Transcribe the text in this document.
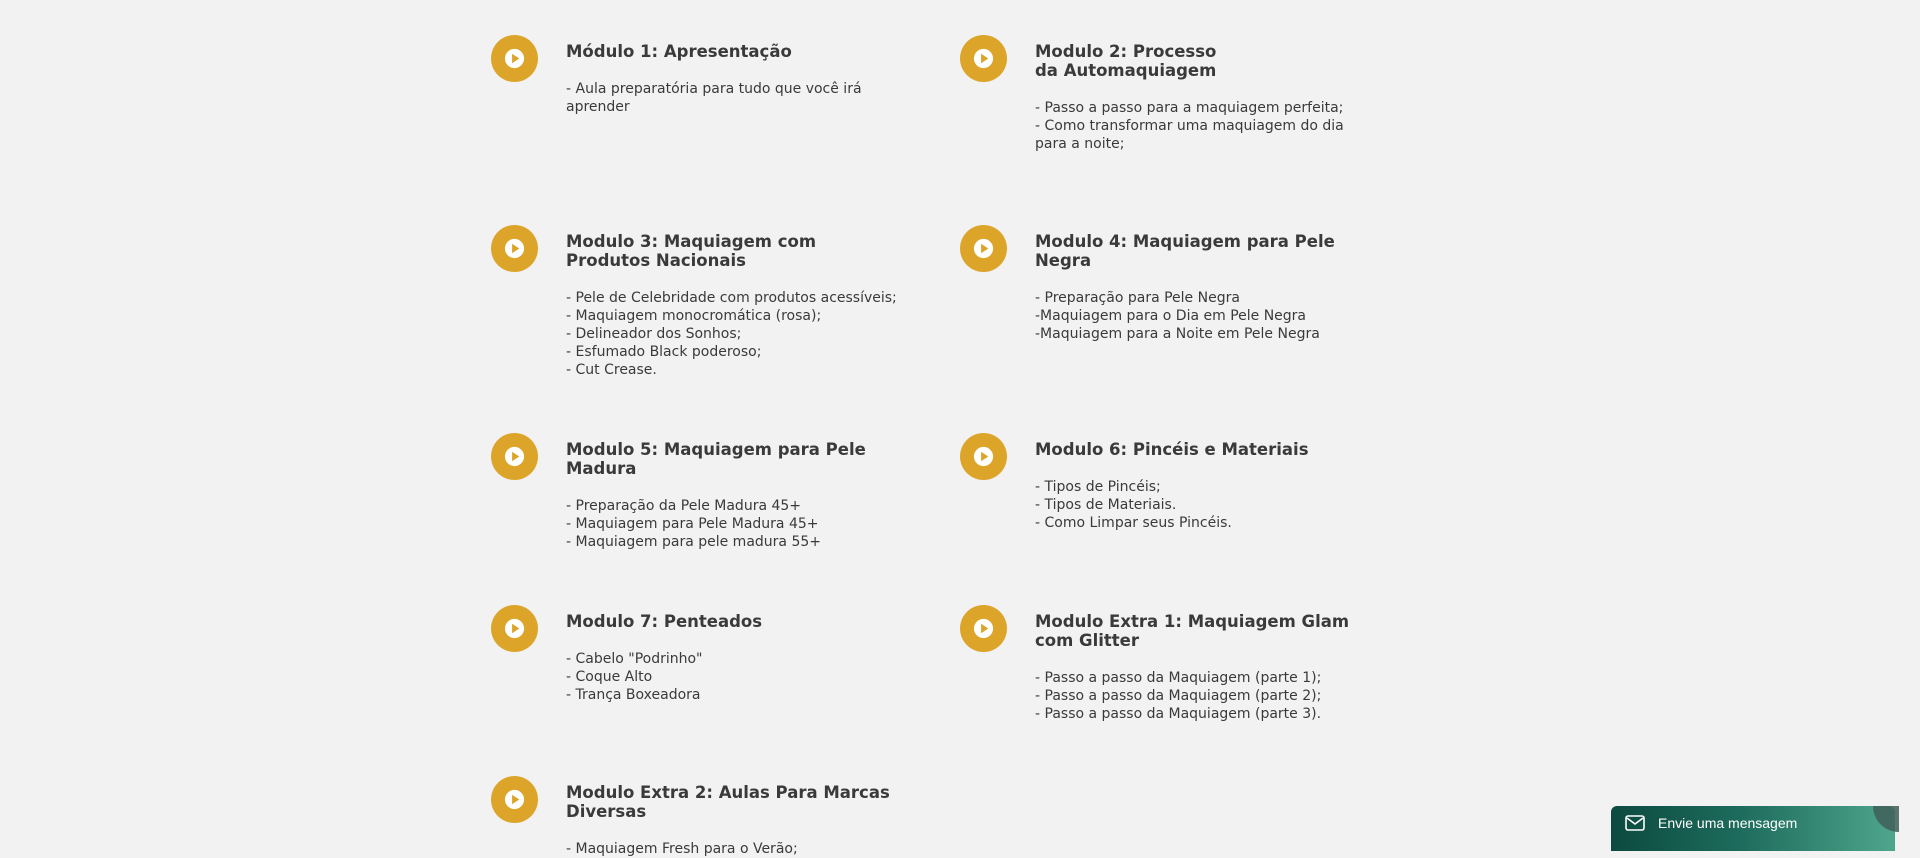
Módulo 1: Apresentação
- Aula preparatória para tudo que você irá
aprender
Modulo 2: Processo da Automaquiagem
- Passo a passo para a maquiagem perfeita;
- Como transformar uma maquiagem do dia
para a noite;
Modulo 3: Maquiagem com Produtos Nacionais
- Pele de Celebridade com produtos acessíveis;
- Maquiagem monocromática (rosa);
- Delineador dos Sonhos;
- Esfumado Black poderoso;
- Cut Crease.
Modulo 4: Maquiagem para Pele Negra
- Preparação para Pele Negra
-Maquiagem para o Dia em Pele Negra
-Maquiagem para a Noite em Pele Negra
Modulo 5: Maquiagem para Pele Madura
- Preparação da Pele Madura 45+
- Maquiagem para Pele Madura 45+
- Maquiagem para pele madura 55+
Modulo 6: Pincéis e Materiais
- Tipos de Pincéis;
- Tipos de Materiais.
- Como Limpar seus Pincéis.
Modulo 7: Penteados
- Cabelo "Podrinho"
- Coque Alto
- Trança Boxeadora
Modulo Extra 1: Maquiagem Glam com Glitter
- Passo a passo da Maquiagem (parte 1);
- Passo a passo da Maquiagem (parte 2);
- Passo a passo da Maquiagem (parte 3).
Modulo Extra 2: Aulas Para Marcas Diversas
- Maquiagem Fresh para o Verão;
Envie uma mensagem
